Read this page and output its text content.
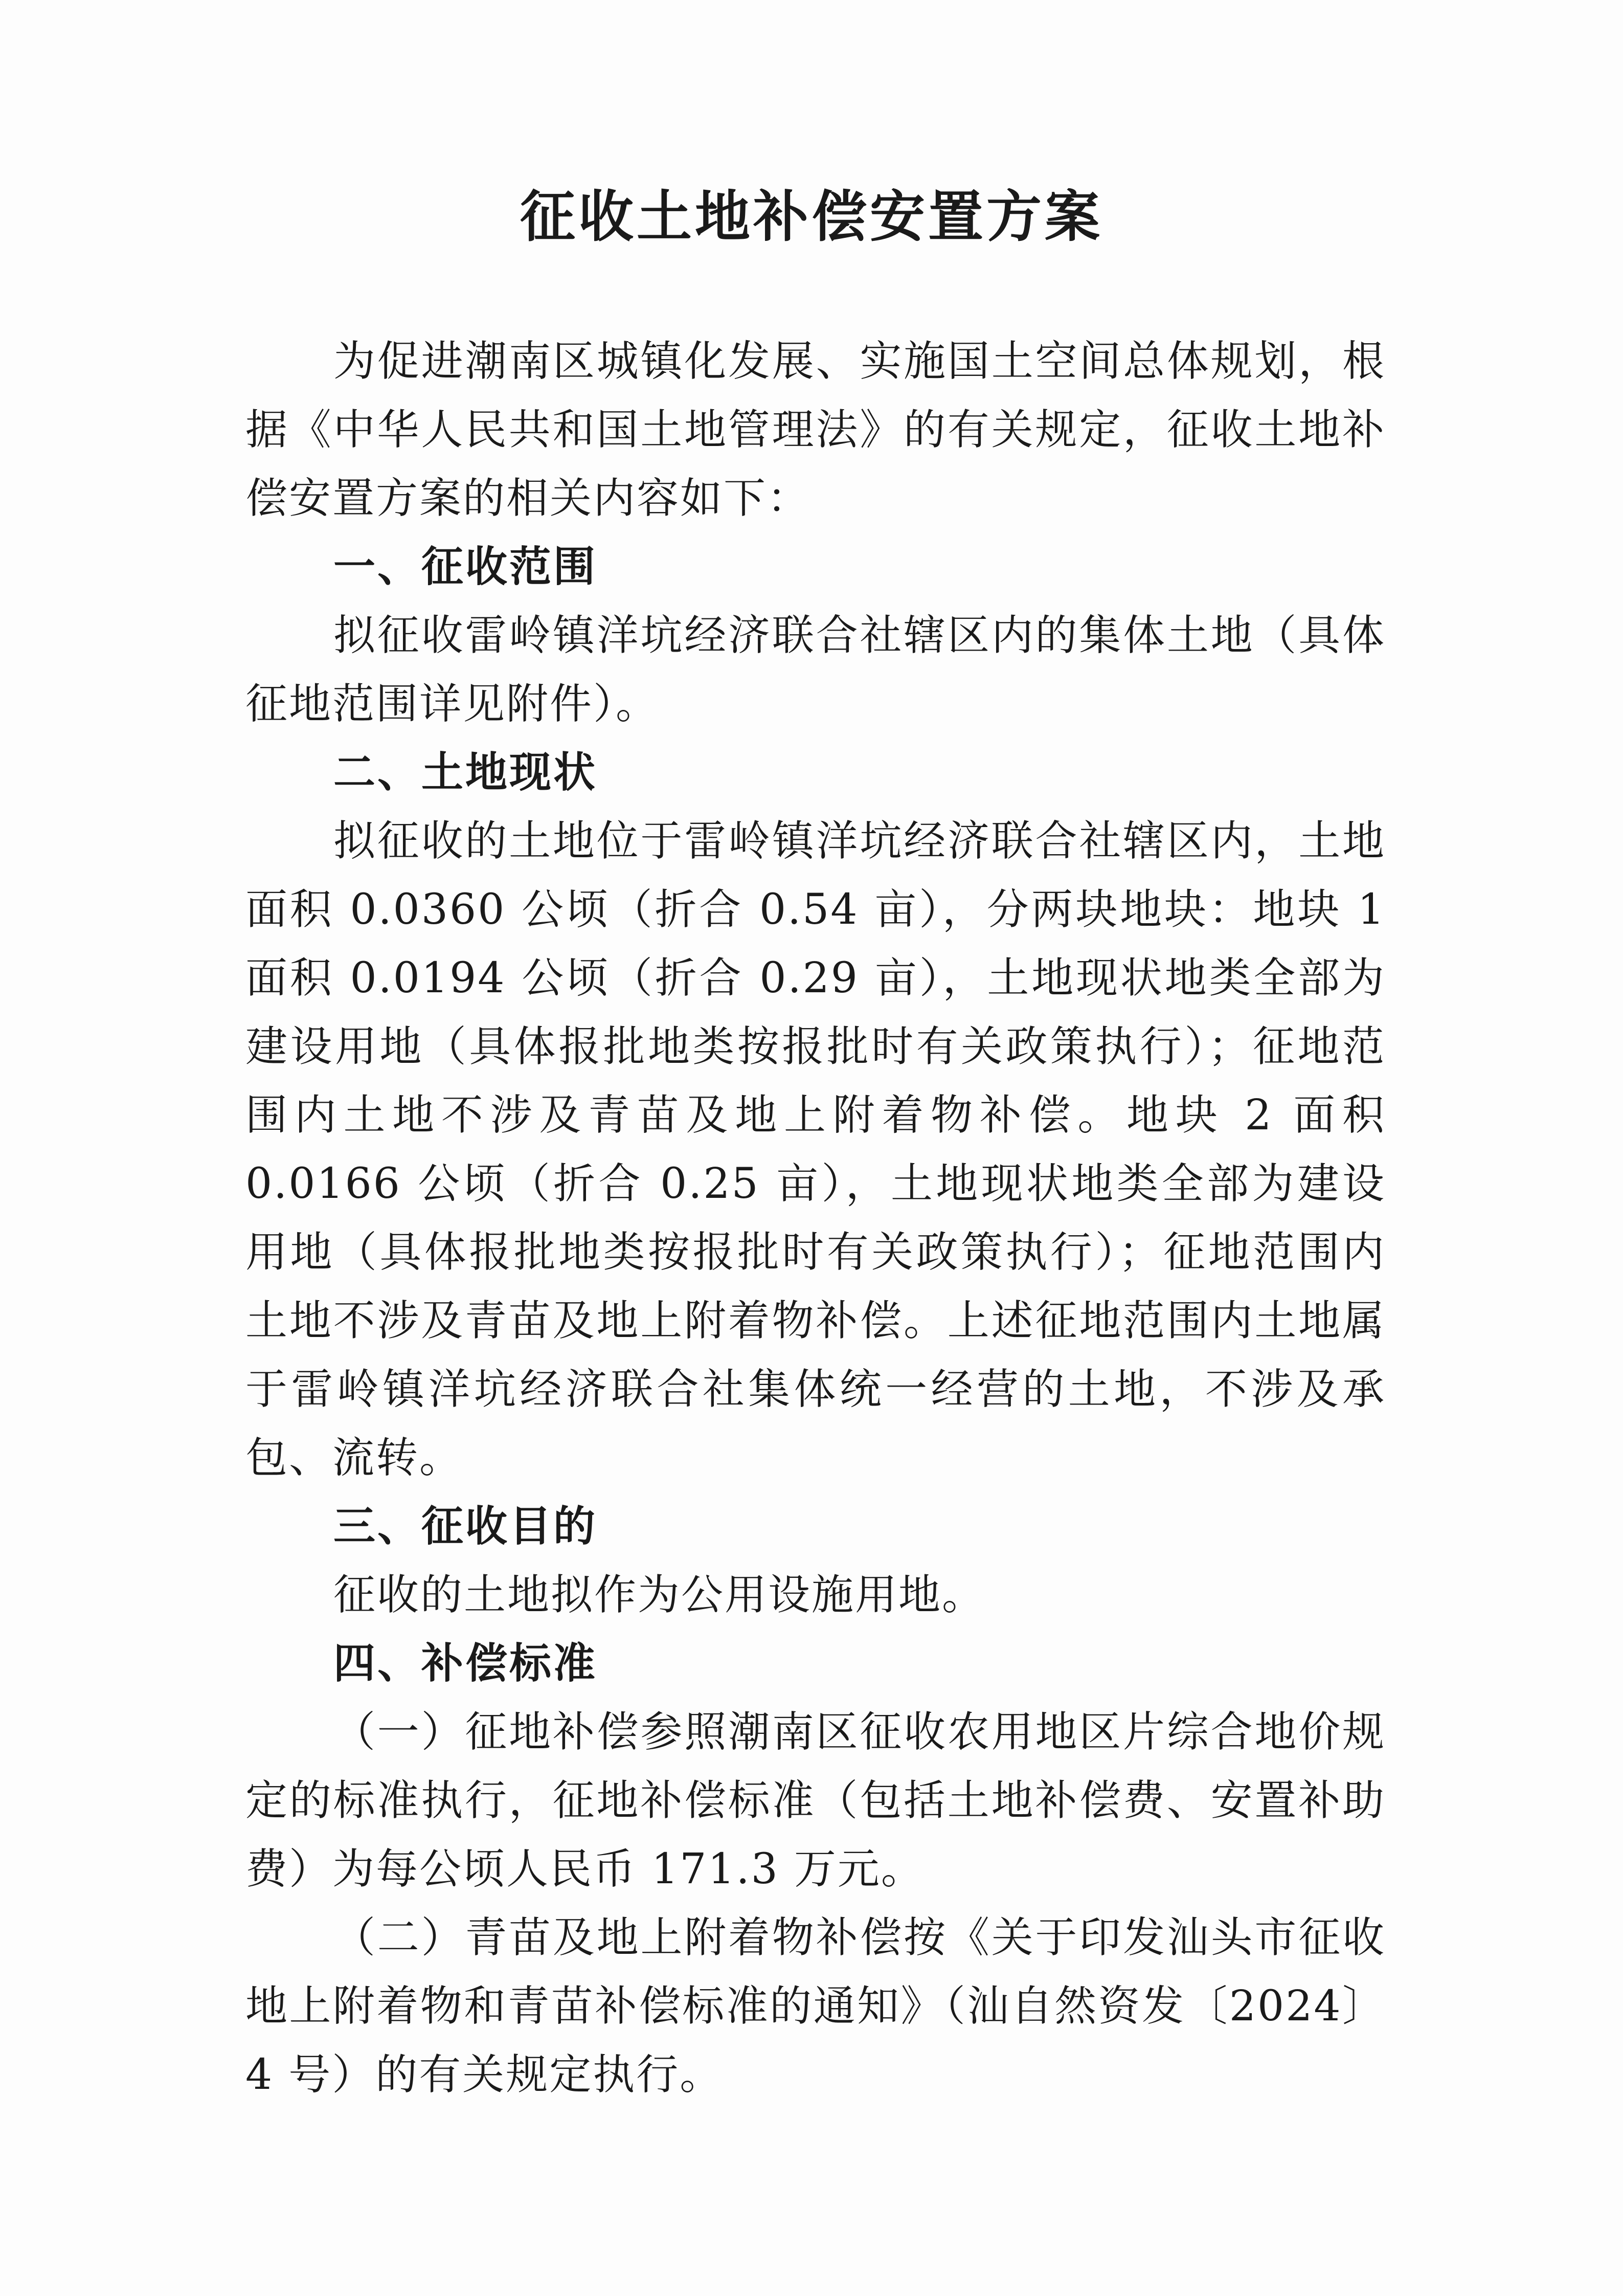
征收土地补偿安置方案

为促进潮南区城镇化发展、实施国土空间总体规划，根据《中华人民共和国土地管理法》的有关规定，征收土地补偿安置方案的相关内容如下：

一、征收范围

拟征收雷岭镇洋坑经济联合社辖区内的集体土地（具体征地范围详见附件）。

二、土地现状

拟征收的土地位于雷岭镇洋坑经济联合社辖区内，土地面积 0.0360 公顷（折合 0.54 亩），分两块地块：地块 1 面积 0.0194 公顷（折合 0.29 亩），土地现状地类全部为建设用地（具体报批地类按报批时有关政策执行）；征地范围内土地不涉及青苗及地上附着物补偿。地块 2 面积 0.0166 公顷（折合 0.25 亩），土地现状地类全部为建设用地（具体报批地类按报批时有关政策执行）；征地范围内土地不涉及青苗及地上附着物补偿。上述征地范围内土地属于雷岭镇洋坑经济联合社集体统一经营的土地，不涉及承包、流转。

三、征收目的

征收的土地拟作为公用设施用地。

四、补偿标准

（一）征地补偿参照潮南区征收农用地区片综合地价规定的标准执行，征地补偿标准（包括土地补偿费、安置补助费）为每公顷人民币 171.3 万元。

（二）青苗及地上附着物补偿按《关于印发汕头市征收地上附着物和青苗补偿标准的通知》（汕自然资发〔2024〕4 号）的有关规定执行。
